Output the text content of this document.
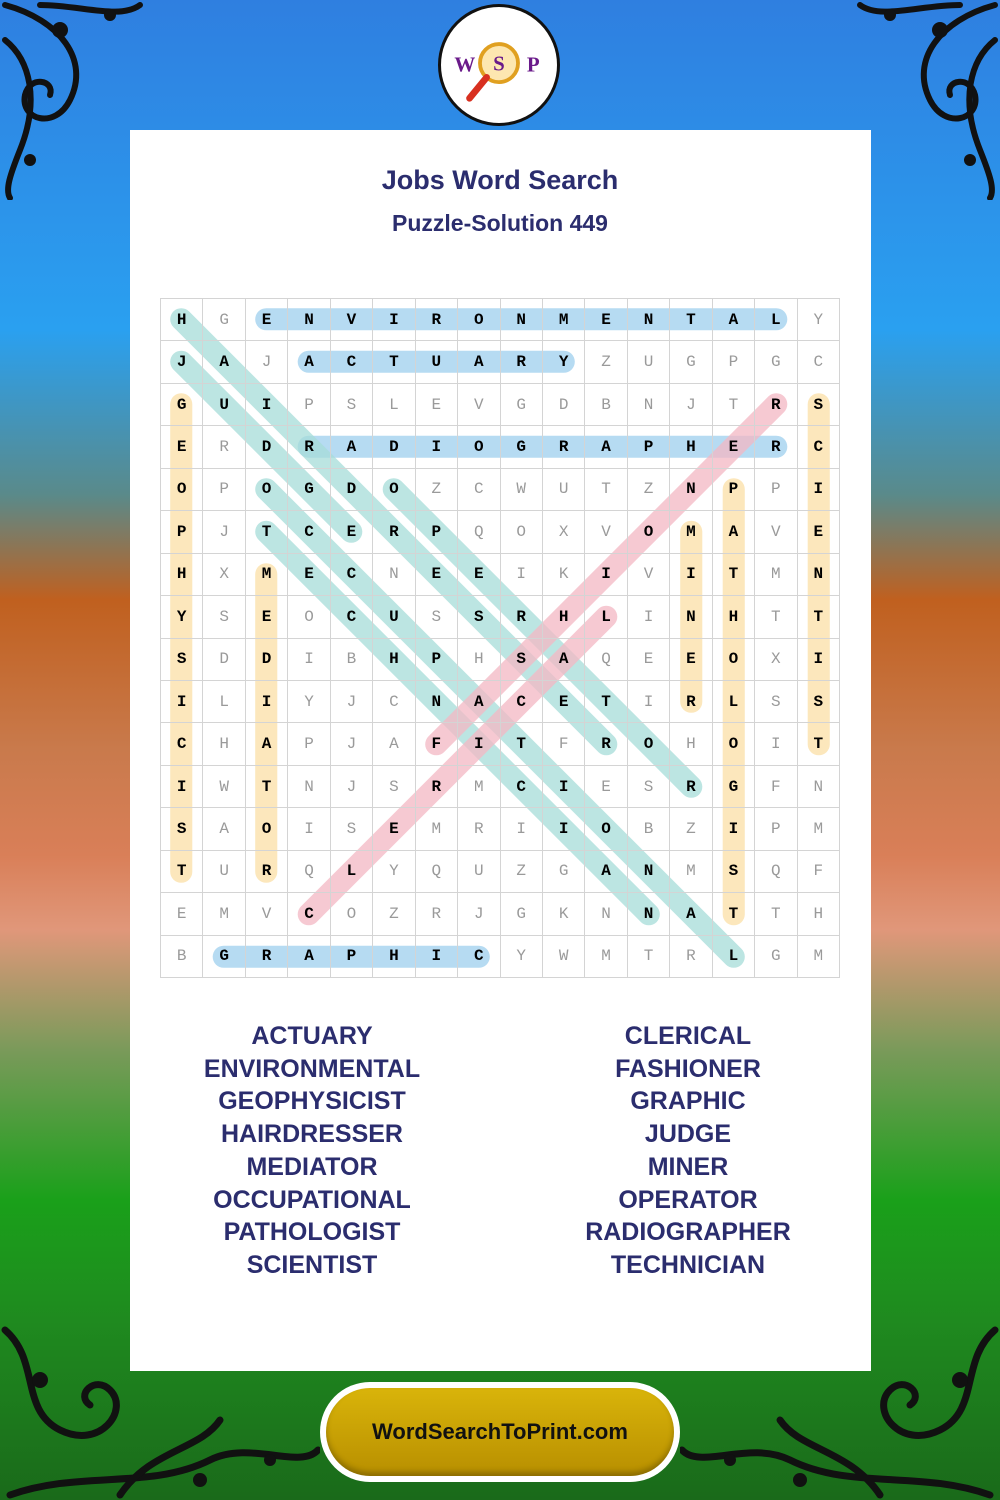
W S P
Jobs Word Search
Puzzle-Solution 449
H	G	E	N	V	I	R	O	N	M	E	N	T	A	L	Y
J	A	J	A	C	T	U	A	R	Y	Z	U	G	P	G	C
G	U	I	P	S	L	E	V	G	D	B	N	J	T	R	S
E	R	D	R	A	D	I	O	G	R	A	P	H	E	R	C
O	P	O	G	D	O	Z	C	W	U	T	Z	N	P	P	I
P	J	T	C	E	R	P	Q	O	X	V	O	M	A	V	E
H	X	M	E	C	N	E	E	I	K	I	V	I	T	M	N
Y	S	E	O	C	U	S	S	R	H	L	I	N	H	T	T
S	D	D	I	B	H	P	H	S	A	Q	E	E	O	X	I
I	L	I	Y	J	C	N	A	C	E	T	I	R	L	S	S
C	H	A	P	J	A	F	I	T	F	R	O	H	O	I	T
I	W	T	N	J	S	R	M	C	I	E	S	R	G	F	N
S	A	O	I	S	E	M	R	I	I	O	B	Z	I	P	M
T	U	R	Q	L	Y	Q	U	Z	G	A	N	M	S	Q	F
E	M	V	C	O	Z	R	J	G	K	N	N	A	T	T	H
B	G	R	A	P	H	I	C	Y	W	M	T	R	L	G	M
ACTUARY
ENVIRONMENTAL
GEOPHYSICIST
HAIRDRESSER
MEDIATOR
OCCUPATIONAL
PATHOLOGIST
SCIENTIST
CLERICAL
FASHIONER
GRAPHIC
JUDGE
MINER
OPERATOR
RADIOGRAPHER
TECHNICIAN
WordSearchToPrint.com
